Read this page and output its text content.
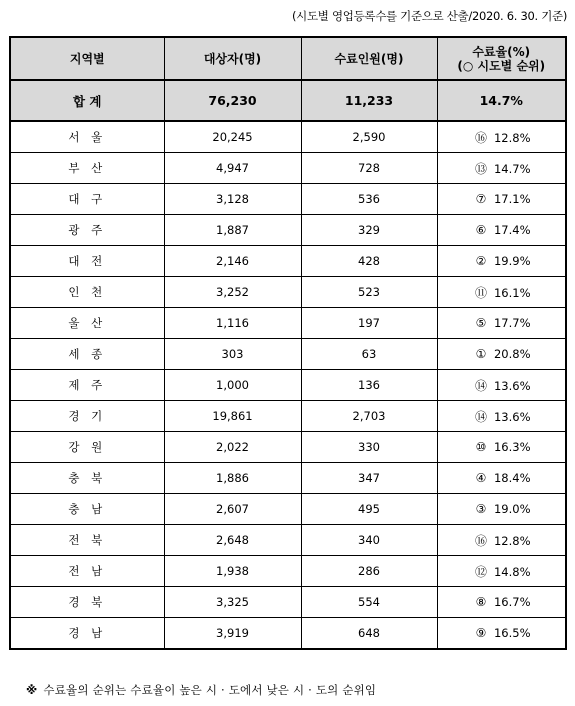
(시도별 영업등록수를 기준으로 산출/2020. 6. 30. 기준)
지역별	대상자(명)	수료인원(명)	수료율(%)
(○ 시도별 순위)

합 계	76,230	11,233	14.7%
서 울	20,245	2,590	⑯ 12.8%
부 산	4,947	728	⑬ 14.7%
대 구	3,128	536	⑦ 17.1%
광 주	1,887	329	⑥ 17.4%
대 전	2,146	428	② 19.9%
인 천	3,252	523	⑪ 16.1%
울 산	1,116	197	⑤ 17.7%
세 종	303	63	① 20.8%
제 주	1,000	136	⑭ 13.6%
경 기	19,861	2,703	⑭ 13.6%
강 원	2,022	330	⑩ 16.3%
충 북	1,886	347	④ 18.4%
충 남	2,607	495	③ 19.0%
전 북	2,648	340	⑯ 12.8%
전 남	1,938	286	⑫ 14.8%
경 북	3,325	554	⑧ 16.7%
경 남	3,919	648	⑨ 16.5%
※ 수료율의 순위는 수료율이 높은 시 · 도에서 낮은 시 · 도의 순위임
